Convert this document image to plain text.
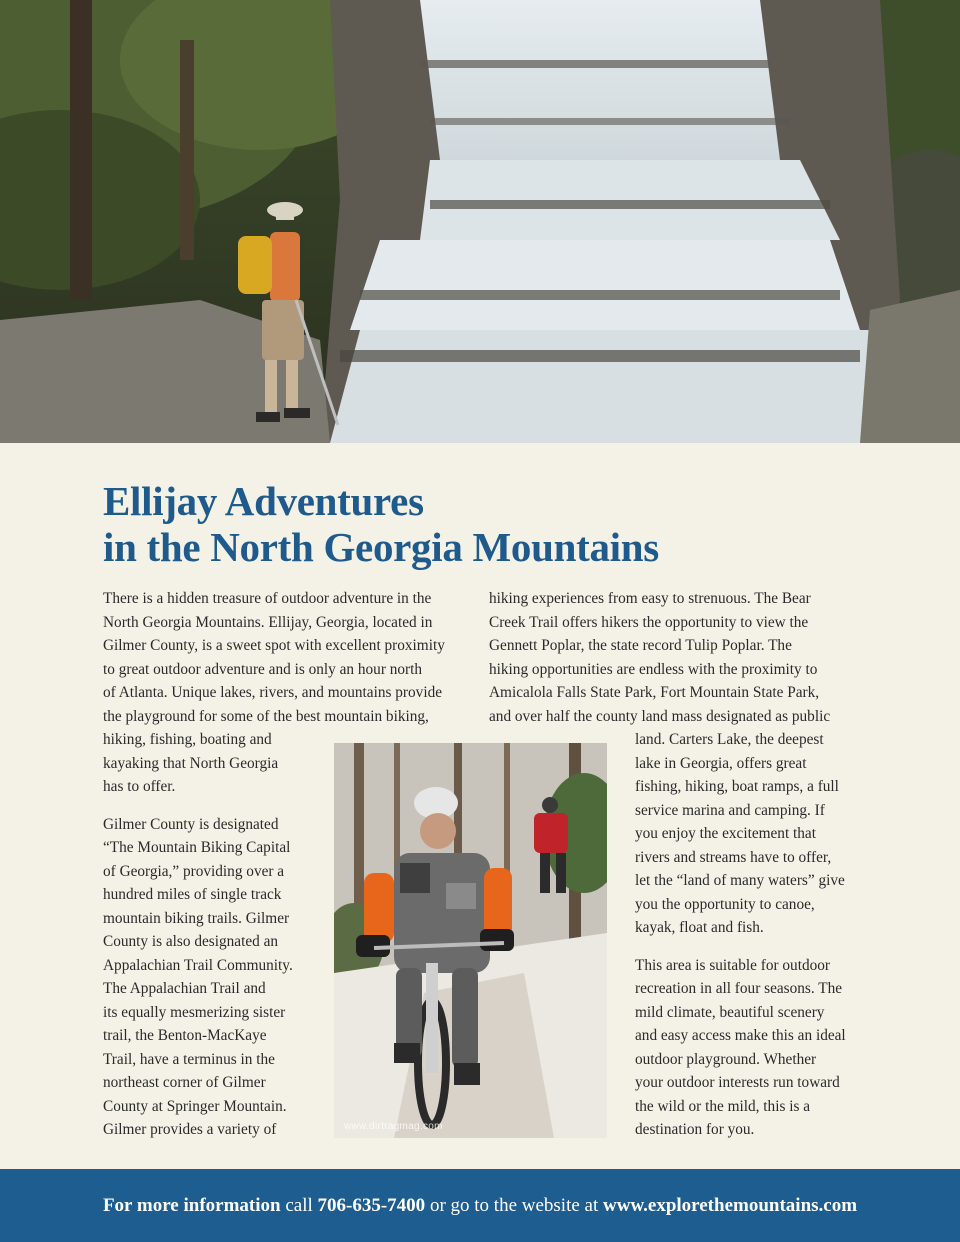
Ellijay Adventures
in the North Georgia Mountains

There is a hidden treasure of outdoor adventure in the

North Georgia Mountains. Ellijay, Georgia, located in

Gilmer County, is a sweet spot with excellent proximity

to great outdoor adventure and is only an hour north

of Atlanta. Unique lakes, rivers, and mountains provide

the playground for some of the best mountain biking,

hiking, fishing, boating and

kayaking that North Georgia

has to offer.

Gilmer County is designated

“The Mountain Biking Capital

of Georgia,” providing over a

hundred miles of single track

mountain biking trails. Gilmer

County is also designated an

Appalachian Trail Community.

The Appalachian Trail and

its equally mesmerizing sister

trail, the Benton-MacKaye

Trail, have a terminus in the

northeast corner of Gilmer

County at Springer Mountain.

Gilmer provides a variety of

hiking experiences from easy to strenuous. The Bear

Creek Trail offers hikers the opportunity to view the

Gennett Poplar, the state record Tulip Poplar. The

hiking opportunities are endless with the proximity to

Amicalola Falls State Park, Fort Mountain State Park,

and over half the county land mass designated as public

land. Carters Lake, the deepest

lake in Georgia, offers great

fishing, hiking, boat ramps, a full

service marina and camping. If

you enjoy the excitement that

rivers and streams have to offer,

let the “land of many waters” give

you the opportunity to canoe,

kayak, float and fish.

This area is suitable for outdoor

recreation in all four seasons. The

mild climate, beautiful scenery

and easy access make this an ideal

outdoor playground. Whether

your outdoor interests run toward

the wild or the mild, this is a

destination for you.

www.dirtragmag.com
For more information call 706-635-7400 or go to the website at www.explorethemountains.com
